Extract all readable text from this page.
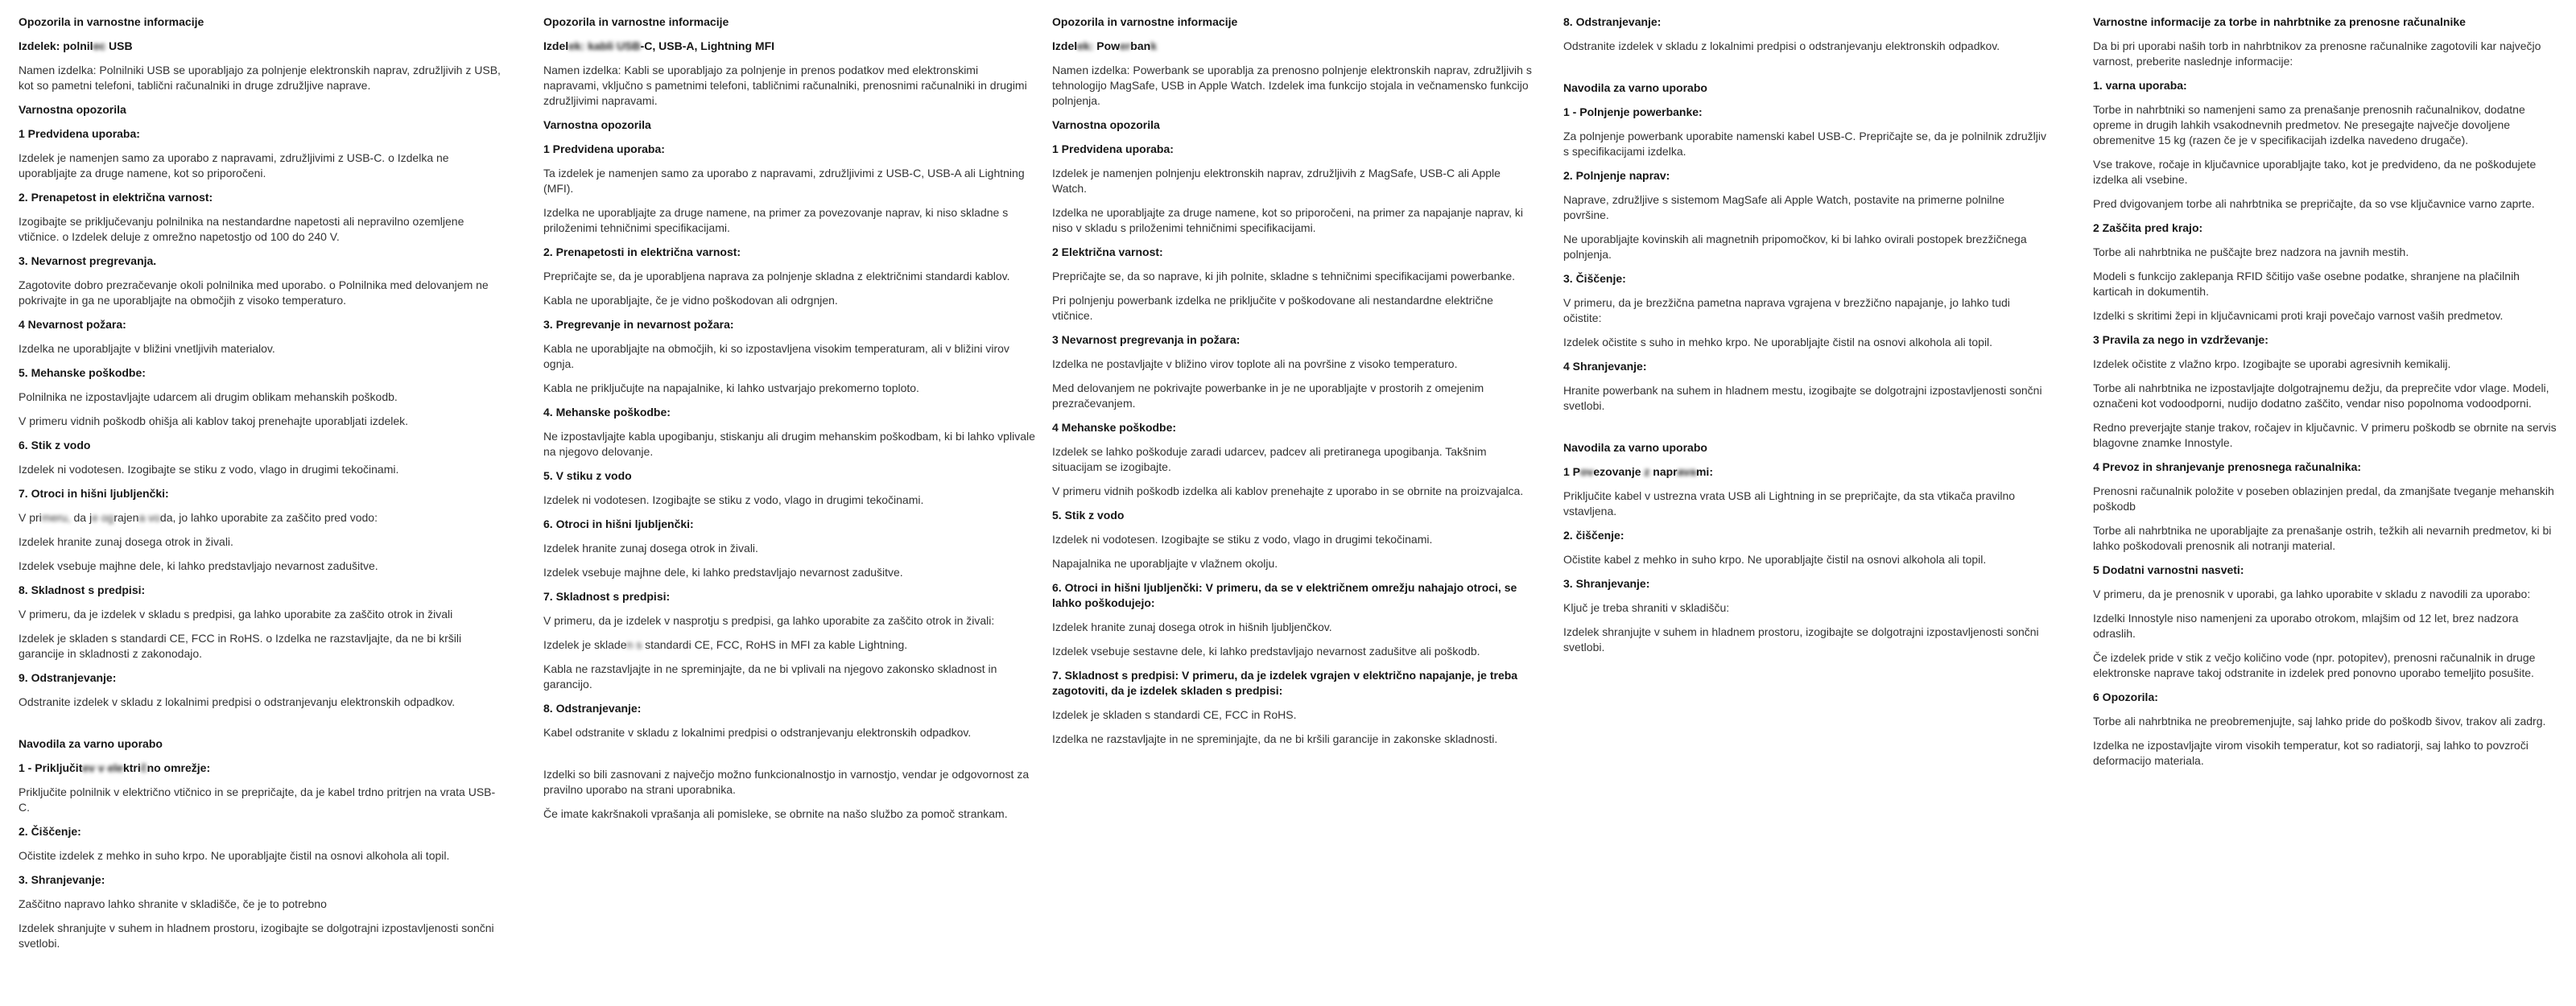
Opozorila in varnostne informacije
Izdelek: polnilec USB
Namen izdelka: Polnilniki USB se uporabljajo za polnjenje elektronskih naprav, združljivih z USB, kot so pametni telefoni, tablični računalniki in druge združljive naprave.
Varnostna opozorila
1 Predvidena uporaba:
Izdelek je namenjen samo za uporabo z napravami, združljivimi z USB-C. o Izdelka ne uporabljajte za druge namene, kot so priporočeni.
2. Prenapetost in električna varnost:
Izogibajte se priključevanju polnilnika na nestandardne napetosti ali nepravilno ozemljene vtičnice. o Izdelek deluje z omrežno napetostjo od 100 do 240 V.
3. Nevarnost pregrevanja.
Zagotovite dobro prezračevanje okoli polnilnika med uporabo. o Polnilnika med delovanjem ne pokrivajte in ga ne uporabljajte na območjih z visoko temperaturo.
4 Nevarnost požara:
Izdelka ne uporabljajte v bližini vnetljivih materialov.
5. Mehanske poškodbe:
Polnilnika ne izpostavljajte udarcem ali drugim oblikam mehanskih poškodb.
V primeru vidnih poškodb ohišja ali kablov takoj prenehajte uporabljati izdelek.
6. Stik z vodo
Izdelek ni vodotesen. Izogibajte se stiku z vodo, vlago in drugimi tekočinami.
7. Otroci in hišni ljubljenčki:
V primeru, da je ograjena voda, jo lahko uporabite za zaščito pred vodo:
Izdelek hranite zunaj dosega otrok in živali.
Izdelek vsebuje majhne dele, ki lahko predstavljajo nevarnost zadušitve.
8. Skladnost s predpisi:
V primeru, da je izdelek v skladu s predpisi, ga lahko uporabite za zaščito otrok in živali
Izdelek je skladen s standardi CE, FCC in RoHS. o Izdelka ne razstavljajte, da ne bi kršili garancije in skladnosti z zakonodajo.
9. Odstranjevanje:
Odstranite izdelek v skladu z lokalnimi predpisi o odstranjevanju elektronskih odpadkov.
Navodila za varno uporabo
1 - Priključitev v električno omrežje:
Priključite polnilnik v električno vtičnico in se prepričajte, da je kabel trdno pritrjen na vrata USB-C.
2. Čiščenje:
Očistite izdelek z mehko in suho krpo. Ne uporabljajte čistil na osnovi alkohola ali topil.
3. Shranjevanje:
Zaščitno napravo lahko shranite v skladišče, če je to potrebno
Izdelek shranjujte v suhem in hladnem prostoru, izogibajte se dolgotrajni izpostavljenosti sončni svetlobi.
Opozorila in varnostne informacije
Izdelek: kabli USB-C, USB-A, Lightning MFI
Namen izdelka: Kabli se uporabljajo za polnjenje in prenos podatkov med elektronskimi napravami, vključno s pametnimi telefoni, tabličnimi računalniki, prenosnimi računalniki in drugimi združljivimi napravami.
Varnostna opozorila
1 Predvidena uporaba:
Ta izdelek je namenjen samo za uporabo z napravami, združljivimi z USB-C, USB-A ali Lightning (MFI).
Izdelka ne uporabljajte za druge namene, na primer za povezovanje naprav, ki niso skladne s priloženimi tehničnimi specifikacijami.
2. Prenapetosti in električna varnost:
Prepričajte se, da je uporabljena naprava za polnjenje skladna z električnimi standardi kablov.
Kabla ne uporabljajte, če je vidno poškodovan ali odrgnjen.
3. Pregrevanje in nevarnost požara:
Kabla ne uporabljajte na območjih, ki so izpostavljena visokim temperaturam, ali v bližini virov ognja.
Kabla ne priključujte na napajalnike, ki lahko ustvarjajo prekomerno toploto.
4. Mehanske poškodbe:
Ne izpostavljajte kabla upogibanju, stiskanju ali drugim mehanskim poškodbam, ki bi lahko vplivale na njegovo delovanje.
5. V stiku z vodo
Izdelek ni vodotesen. Izogibajte se stiku z vodo, vlago in drugimi tekočinami.
6. Otroci in hišni ljubljenčki:
Izdelek hranite zunaj dosega otrok in živali.
Izdelek vsebuje majhne dele, ki lahko predstavljajo nevarnost zadušitve.
7. Skladnost s predpisi:
V primeru, da je izdelek v nasprotju s predpisi, ga lahko uporabite za zaščito otrok in živali:
Izdelek je skladen s standardi CE, FCC, RoHS in MFI za kable Lightning.
Kabla ne razstavljajte in ne spreminjajte, da ne bi vplivali na njegovo zakonsko skladnost in garancijo.
8. Odstranjevanje:
Kabel odstranite v skladu z lokalnimi predpisi o odstranjevanju elektronskih odpadkov.
Izdelki so bili zasnovani z največjo možno funkcionalnostjo in varnostjo, vendar je odgovornost za pravilno uporabo na strani uporabnika.
Če imate kakršnakoli vprašanja ali pomisleke, se obrnite na našo službo za pomoč strankam.
Opozorila in varnostne informacije
Izdelek: Powerbank
Namen izdelka: Powerbank se uporablja za prenosno polnjenje elektronskih naprav, združljivih s tehnologijo MagSafe, USB in Apple Watch. Izdelek ima funkcijo stojala in večnamensko funkcijo polnjenja.
Varnostna opozorila
1 Predvidena uporaba:
Izdelek je namenjen polnjenju elektronskih naprav, združljivih z MagSafe, USB-C ali Apple Watch.
Izdelka ne uporabljajte za druge namene, kot so priporočeni, na primer za napajanje naprav, ki niso v skladu s priloženimi tehničnimi specifikacijami.
2 Električna varnost:
Prepričajte se, da so naprave, ki jih polnite, skladne s tehničnimi specifikacijami powerbanke.
Pri polnjenju powerbank izdelka ne priključite v poškodovane ali nestandardne električne vtičnice.
3 Nevarnost pregrevanja in požara:
Izdelka ne postavljajte v bližino virov toplote ali na površine z visoko temperaturo.
Med delovanjem ne pokrivajte powerbanke in je ne uporabljajte v prostorih z omejenim prezračevanjem.
4 Mehanske poškodbe:
Izdelek se lahko poškoduje zaradi udarcev, padcev ali pretiranega upogibanja. Takšnim situacijam se izogibajte.
V primeru vidnih poškodb izdelka ali kablov prenehajte z uporabo in se obrnite na proizvajalca.
5. Stik z vodo
Izdelek ni vodotesen. Izogibajte se stiku z vodo, vlago in drugimi tekočinami.
Napajalnika ne uporabljajte v vlažnem okolju.
6. Otroci in hišni ljubljenčki: V primeru, da se v električnem omrežju nahajajo otroci, se lahko poškodujejo:
Izdelek hranite zunaj dosega otrok in hišnih ljubljenčkov.
Izdelek vsebuje sestavne dele, ki lahko predstavljajo nevarnost zadušitve ali poškodb.
7. Skladnost s predpisi: V primeru, da je izdelek vgrajen v električno napajanje, je treba zagotoviti, da je izdelek skladen s predpisi:
Izdelek je skladen s standardi CE, FCC in RoHS.
Izdelka ne razstavljajte in ne spreminjajte, da ne bi kršili garancije in zakonske skladnosti.
8. Odstranjevanje:
Odstranite izdelek v skladu z lokalnimi predpisi o odstranjevanju elektronskih odpadkov.
Navodila za varno uporabo
1 - Polnjenje powerbanke:
Za polnjenje powerbank uporabite namenski kabel USB-C. Prepričajte se, da je polnilnik združljiv s specifikacijami izdelka.
2. Polnjenje naprav:
Naprave, združljive s sistemom MagSafe ali Apple Watch, postavite na primerne polnilne površine.
Ne uporabljajte kovinskih ali magnetnih pripomočkov, ki bi lahko ovirali postopek brezžičnega polnjenja.
3. Čiščenje:
V primeru, da je brezžična pametna naprava vgrajena v brezžično napajanje, jo lahko tudi očistite:
Izdelek očistite s suho in mehko krpo. Ne uporabljajte čistil na osnovi alkohola ali topil.
4 Shranjevanje:
Hranite powerbank na suhem in hladnem mestu, izogibajte se dolgotrajni izpostavljenosti sončni svetlobi.
Navodila za varno uporabo
1 Povezovanje z napravami:
Priključite kabel v ustrezna vrata USB ali Lightning in se prepričajte, da sta vtikača pravilno vstavljena.
2. čiščenje:
Očistite kabel z mehko in suho krpo. Ne uporabljajte čistil na osnovi alkohola ali topil.
3. Shranjevanje:
Ključ je treba shraniti v skladišču:
Izdelek shranjujte v suhem in hladnem prostoru, izogibajte se dolgotrajni izpostavljenosti sončni svetlobi.
Varnostne informacije za torbe in nahrbtnike za prenosne računalnike
Da bi pri uporabi naših torb in nahrbtnikov za prenosne računalnike zagotovili kar največjo varnost, preberite naslednje informacije:
1. varna uporaba:
Torbe in nahrbtniki so namenjeni samo za prenašanje prenosnih računalnikov, dodatne opreme in drugih lahkih vsakodnevnih predmetov. Ne presegajte največje dovoljene obremenitve 15 kg (razen če je v specifikacijah izdelka navedeno drugače).
Vse trakove, ročaje in ključavnice uporabljajte tako, kot je predvideno, da ne poškodujete izdelka ali vsebine.
Pred dvigovanjem torbe ali nahrbtnika se prepričajte, da so vse ključavnice varno zaprte.
2 Zaščita pred krajo:
Torbe ali nahrbtnika ne puščajte brez nadzora na javnih mestih.
Modeli s funkcijo zaklepanja RFID ščitijo vaše osebne podatke, shranjene na plačilnih karticah in dokumentih.
Izdelki s skritimi žepi in ključavnicami proti kraji povečajo varnost vaših predmetov.
3 Pravila za nego in vzdrževanje:
Izdelek očistite z vlažno krpo. Izogibajte se uporabi agresivnih kemikalij.
Torbe ali nahrbtnika ne izpostavljajte dolgotrajnemu dežju, da preprečite vdor vlage. Modeli, označeni kot vodoodporni, nudijo dodatno zaščito, vendar niso popolnoma vodoodporni.
Redno preverjajte stanje trakov, ročajev in ključavnic. V primeru poškodb se obrnite na servis blagovne znamke Innostyle.
4 Prevoz in shranjevanje prenosnega računalnika:
Prenosni računalnik položite v poseben oblazinjen predal, da zmanjšate tveganje mehanskih poškodb
Torbe ali nahrbtnika ne uporabljajte za prenašanje ostrih, težkih ali nevarnih predmetov, ki bi lahko poškodovali prenosnik ali notranji material.
5 Dodatni varnostni nasveti:
V primeru, da je prenosnik v uporabi, ga lahko uporabite v skladu z navodili za uporabo:
Izdelki Innostyle niso namenjeni za uporabo otrokom, mlajšim od 12 let, brez nadzora odraslih.
Če izdelek pride v stik z večjo količino vode (npr. potopitev), prenosni računalnik in druge elektronske naprave takoj odstranite in izdelek pred ponovno uporabo temeljito posušite.
6 Opozorila:
Torbe ali nahrbtnika ne preobremenjujte, saj lahko pride do poškodb šivov, trakov ali zadrg.
Izdelka ne izpostavljajte virom visokih temperatur, kot so radiatorji, saj lahko to povzroči deformacijo materiala.
